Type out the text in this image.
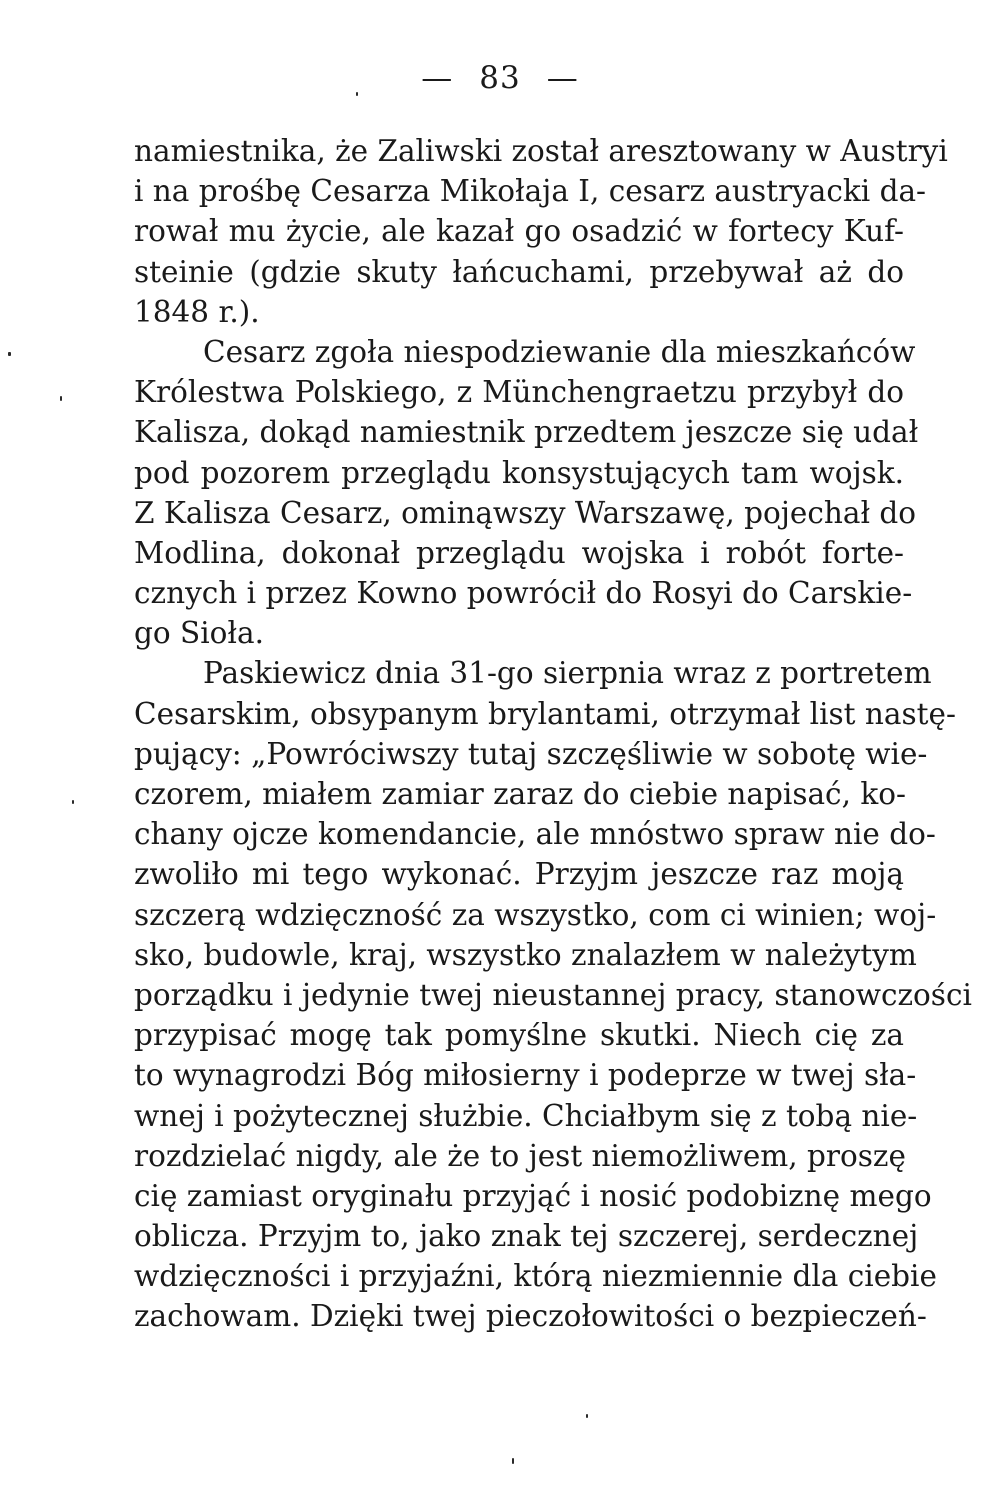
— 83 —
namiestnika, że Zaliwski został aresztowany w Austryi
i na prośbę Cesarza Mikołaja I, cesarz austryacki da-
rował mu życie, ale kazał go osadzić w fortecy Kuf-
steinie (gdzie skuty łańcuchami, przebywał aż do
1848 r.).
Cesarz zgoła niespodziewanie dla mieszkańców
Królestwa Polskiego, z Münchengraetzu przybył do
Kalisza, dokąd namiestnik przedtem jeszcze się udał
pod pozorem przeglądu konsystujących tam wojsk.
Z Kalisza Cesarz, ominąwszy Warszawę, pojechał do
Modlina, dokonał przeglądu wojska i robót forte-
cznych i przez Kowno powrócił do Rosyi do Carskie-
go Sioła.
Paskiewicz dnia 31-go sierpnia wraz z portretem
Cesarskim, obsypanym brylantami, otrzymał list nastę-
pujący: „Powróciwszy tutaj szczęśliwie w sobotę wie-
czorem, miałem zamiar zaraz do ciebie napisać, ko-
chany ojcze komendancie, ale mnóstwo spraw nie do-
zwoliło mi tego wykonać. Przyjm jeszcze raz moją
szczerą wdzięczność za wszystko, com ci winien; woj-
sko, budowle, kraj, wszystko znalazłem w należytym
porządku i jedynie twej nieustannej pracy, stanowczości
przypisać mogę tak pomyślne skutki. Niech cię za
to wynagrodzi Bóg miłosierny i podeprze w twej sła-
wnej i pożytecznej służbie. Chciałbym się z tobą nie-
rozdzielać nigdy, ale że to jest niemożliwem, proszę
cię zamiast oryginału przyjąć i nosić podobiznę mego
oblicza. Przyjm to, jako znak tej szczerej, serdecznej
wdzięczności i przyjaźni, którą niezmiennie dla ciebie
zachowam. Dzięki twej pieczołowitości o bezpieczeń-
